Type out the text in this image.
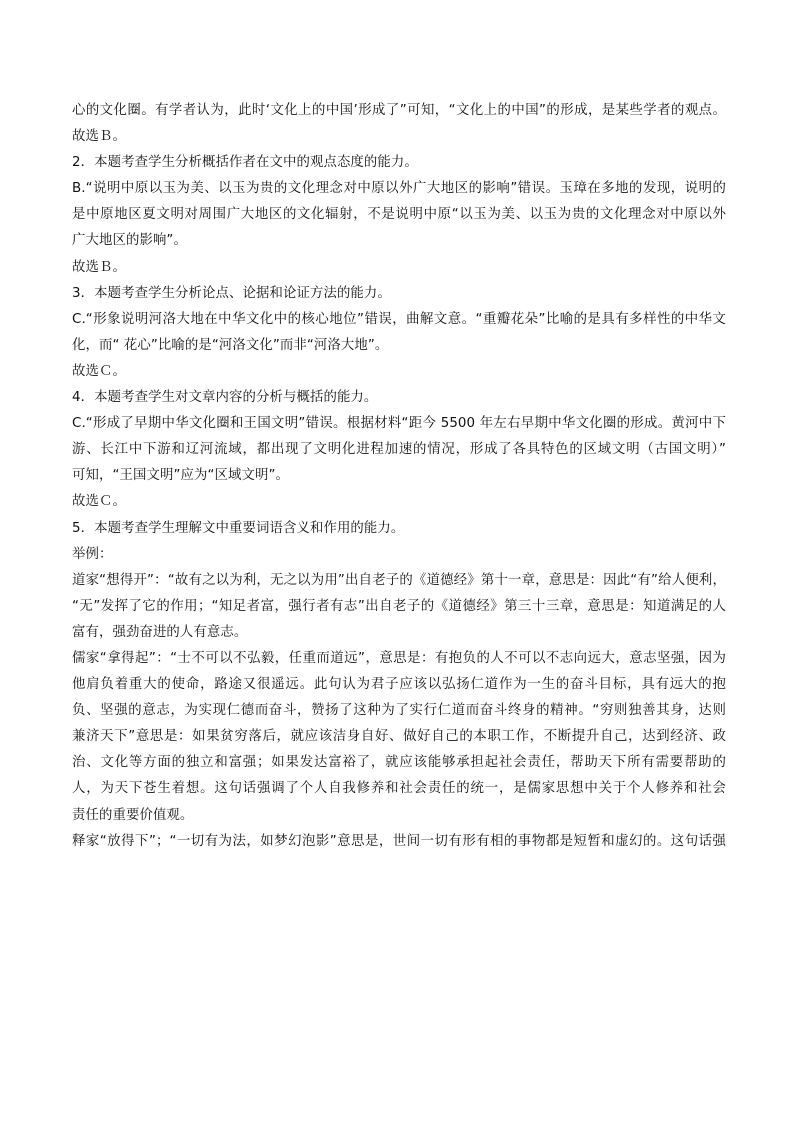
心的文化圈。有学者认为，此时‘文化上的中国’形成了”可知，“文化上的中国”的形成，是某些学者的观点。
故选Ｂ。
2．本题考查学生分析概括作者在文中的观点态度的能力。
B.“说明中原以玉为美、以玉为贵的文化理念对中原以外广大地区的影响”错误。玉璋在多地的发现，说明的
是中原地区夏文明对周围广大地区的文化辐射，不是说明中原“以玉为美、以玉为贵的文化理念对中原以外
广大地区的影响”。
故选Ｂ。
3．本题考查学生分析论点、论据和论证方法的能力。
C.“形象说明河洛大地在中华文化中的核心地位”错误，曲解文意。“重瓣花朵”比喻的是具有多样性的中华文
化，而“ 花心”比喻的是“河洛文化”而非“河洛大地”。
故选Ｃ。
4．本题考查学生对文章内容的分析与概括的能力。
C.“形成了早期中华文化圈和王国文明”错误。根据材料“距今 5500 年左右早期中华文化圈的形成。黄河中下
游、长江中下游和辽河流域，都出现了文明化进程加速的情况，形成了各具特色的区域文明（古国文明）”
可知，“王国文明”应为“区域文明”。
故选Ｃ。
5．本题考查学生理解文中重要词语含义和作用的能力。
举例：
道家“想得开”：“故有之以为利，无之以为用”出自老子的《道德经》第十一章，意思是：因此“有”给人便利，
“无”发挥了它的作用；“知足者富，强行者有志”出自老子的《道德经》第三十三章，意思是：知道满足的人
富有，强劲奋进的人有意志。
儒家“拿得起”：“士不可以不弘毅，任重而道远”，意思是：有抱负的人不可以不志向远大，意志坚强，因为
他肩负着重大的使命，路途又很遥远。此句认为君子应该以弘扬仁道作为一生的奋斗目标，具有远大的抱
负、坚强的意志，为实现仁德而奋斗，赞扬了这种为了实行仁道而奋斗终身的精神。“穷则独善其身，达则
兼济天下”意思是：如果贫穷落后，就应该洁身自好、做好自己的本职工作，不断提升自己，达到经济、政
治、文化等方面的独立和富强；如果发达富裕了，就应该能够承担起社会责任，帮助天下所有需要帮助的
人，为天下苍生着想。这句话强调了个人自我修养和社会责任的统一，是儒家思想中关于个人修养和社会
责任的重要价值观。
释家“放得下”；“一切有为法，如梦幻泡影”意思是，世间一切有形有相的事物都是短暂和虚幻的。这句话强
